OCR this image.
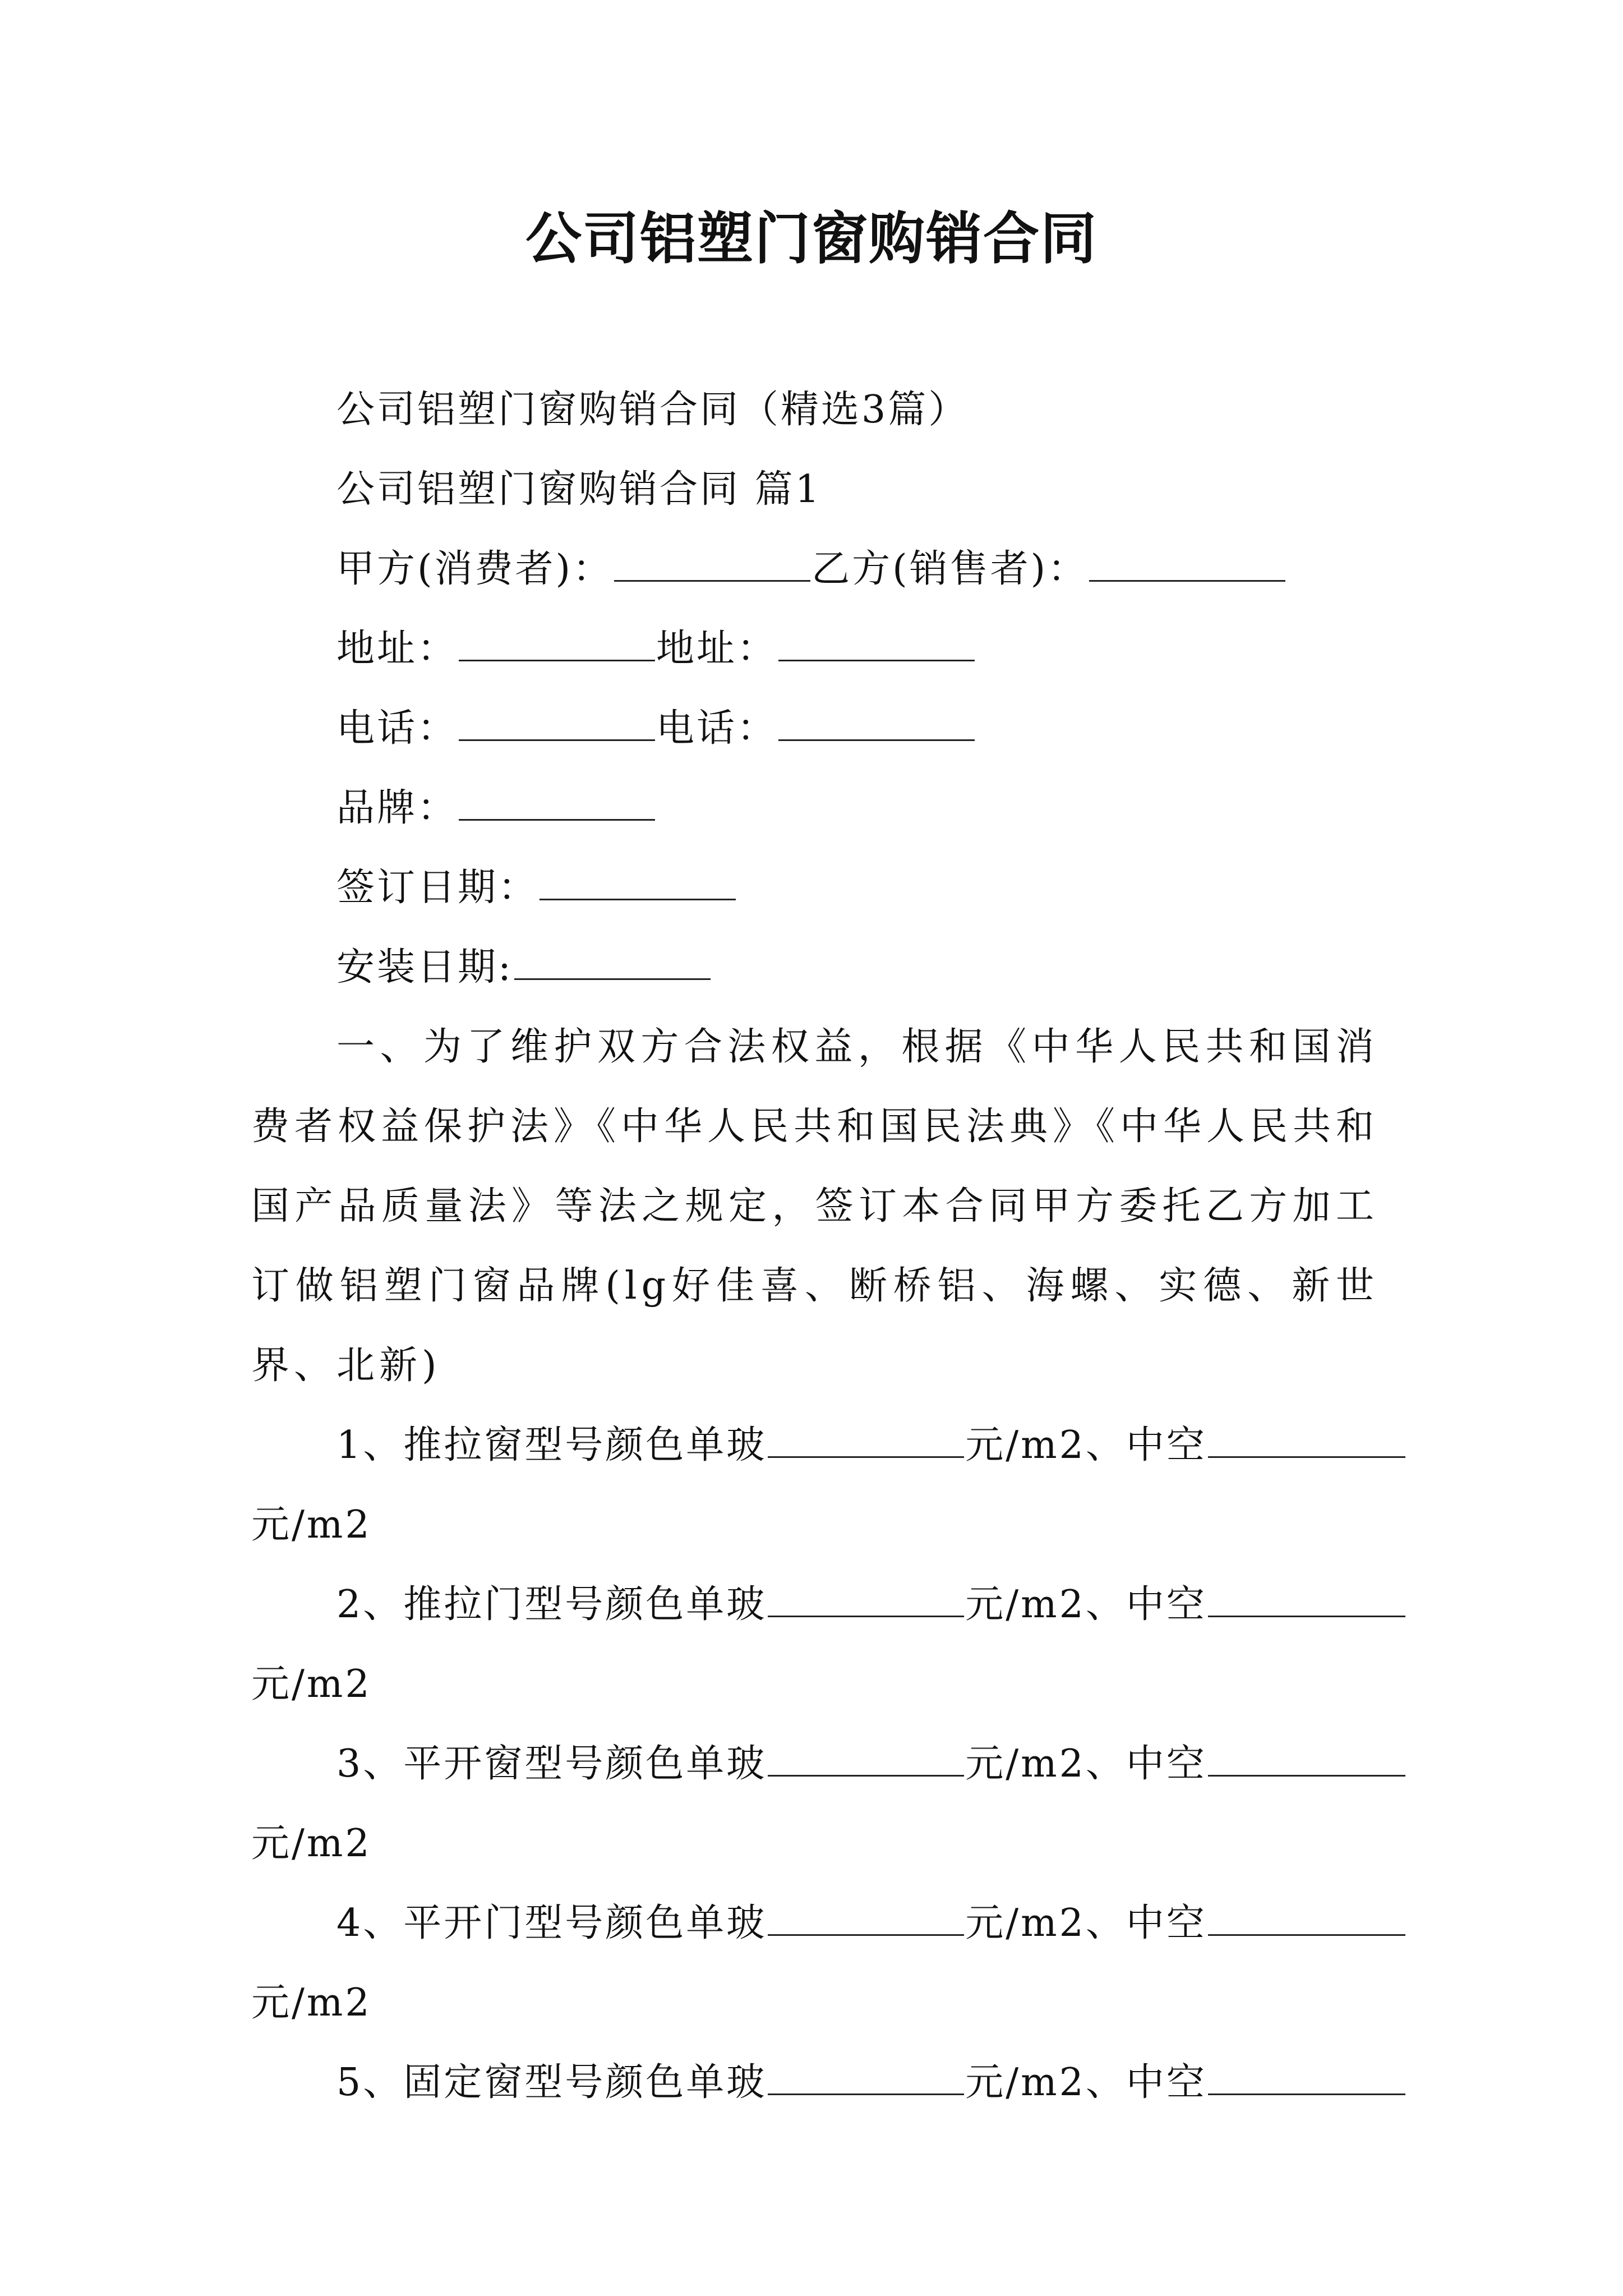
公司铝塑门窗购销合同
公司铝塑门窗购销合同（精选3篇）
公司铝塑门窗购销合同 篇1
甲方(消费者)：	乙方(销售者)：
地址：	地址：
电话：	电话：
品牌：
签订日期：
安装日期:
一、为了维护双方合法权益，根据《中华人民共和国消费者权益保护法》《中华人民共和国民法典》《中华人民共和国产品质量法》等法之规定，签订本合同甲方委托乙方加工订做铝塑门窗品牌(lg好佳喜、断桥铝、海螺、实德、新世界、北新)
1、推拉窗型号颜色单玻	元/m2、中空
元/m2
2、推拉门型号颜色单玻	元/m2、中空
元/m2
3、平开窗型号颜色单玻	元/m2、中空
元/m2
4、平开门型号颜色单玻	元/m2、中空
元/m2
5、固定窗型号颜色单玻	元/m2、中空
